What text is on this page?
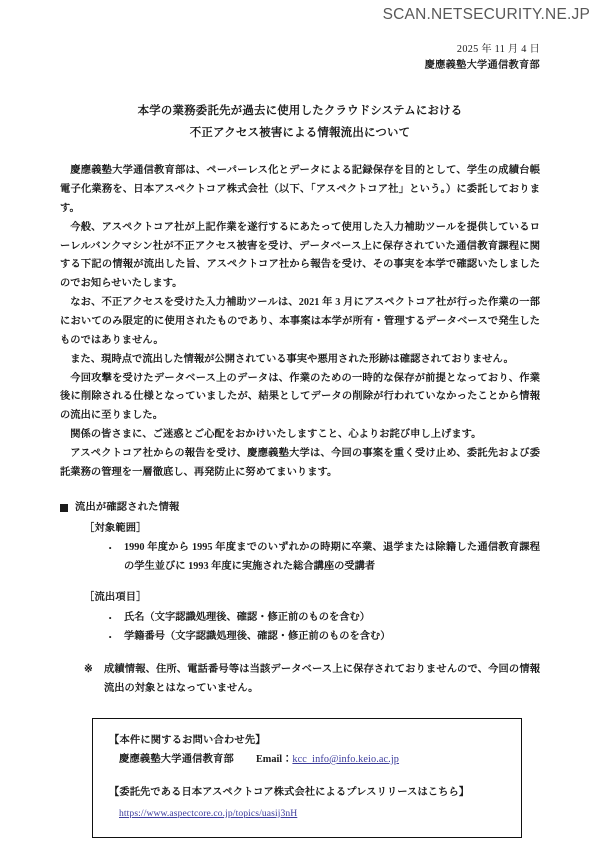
SCAN.NETSECURITY.NE.JP
2025 年 11 月 4 日
慶應義塾大学通信教育部
本学の業務委託先が過去に使用したクラウドシステムにおける
不正アクセス被害による情報流出について

慶應義塾大学通信教育部は、ペーパーレス化とデータによる記録保存を目的として、学生の成績台帳電子化業務を、日本アスペクトコア株式会社（以下、「アスペクトコア社」という。）に委託しております。

今般、アスペクトコア社が上記作業を遂行するにあたって使用した入力補助ツールを提供しているローレルバンクマシン社が不正アクセス被害を受け、データベース上に保存されていた通信教育課程に関する下記の情報が流出した旨、アスペクトコア社から報告を受け、その事実を本学で確認いたしましたのでお知らせいたします。

なお、不正アクセスを受けた入力補助ツールは、2021 年 3 月にアスペクトコア社が行った作業の一部においてのみ限定的に使用されたものであり、本事案は本学が所有・管理するデータベースで発生したものではありません。

また、現時点で流出した情報が公開されている事実や悪用された形跡は確認されておりません。

今回攻撃を受けたデータベース上のデータは、作業のための一時的な保存が前提となっており、作業後に削除される仕様となっていましたが、結果としてデータの削除が行われていなかったことから情報の流出に至りました。

関係の皆さまに、ご迷惑とご心配をおかけいたしますこと、心よりお詫び申し上げます。

アスペクトコア社からの報告を受け、慶應義塾大学は、今回の事案を重く受け止め、委託先および委託業務の管理を一層徹底し、再発防止に努めてまいります。

流出が確認された情報
［対象範囲］
· 1990 年度から 1995 年度までのいずれかの時期に卒業、退学または除籍した通信教育課程の学生並びに 1993 年度に実施された総合講座の受講者
［流出項目］
· 氏名（文字認識処理後、確認・修正前のものを含む）
· 学籍番号（文字認識処理後、確認・修正前のものを含む）
※ 成績情報、住所、電話番号等は当該データベース上に保存されておりませんので、今回の情報流出の対象とはなっていません。
【本件に関するお問い合わせ先】
慶應義塾大学通信教育部 Email： kcc_info@info.keio.ac.jp
【委託先である日本アスペクトコア株式会社によるプレスリリースはこちら】
https://www.aspectcore.co.jp/topics/uasij3nH
